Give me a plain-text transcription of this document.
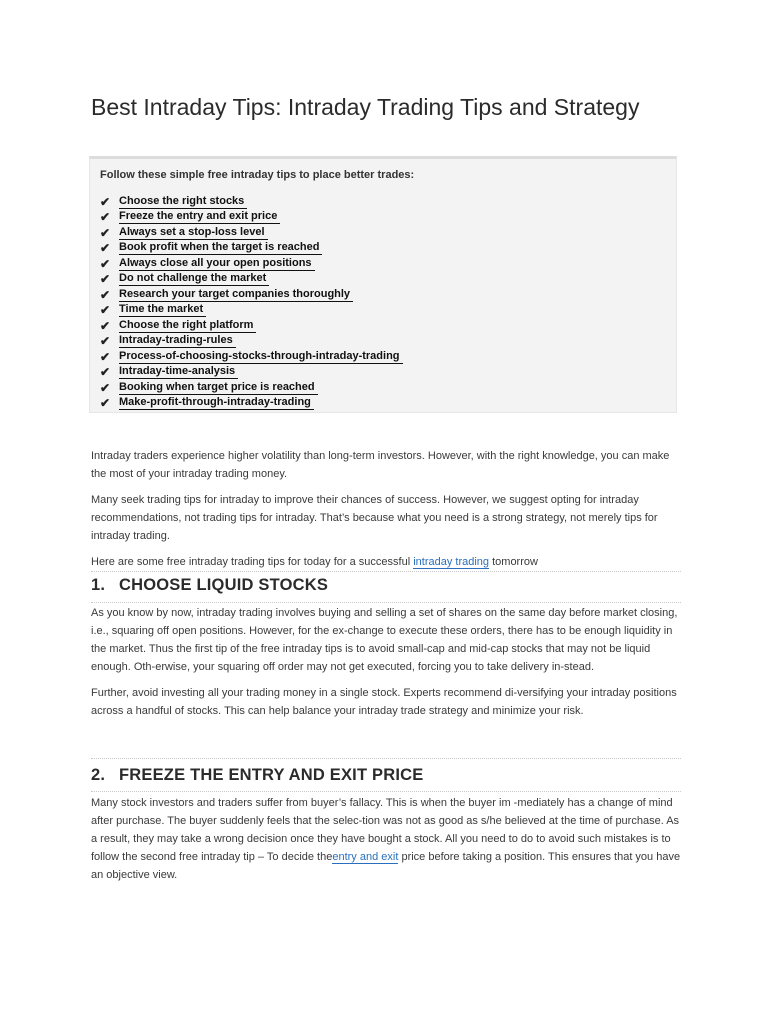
Best Intraday Tips: Intraday Trading Tips and Strategy

Follow these simple free intraday tips to place better trades:

✔ Choose the right stocks
✔ Freeze the entry and exit price
✔ Always set a stop-loss level
✔ Book profit when the target is reached
✔ Always close all your open positions
✔ Do not challenge the market
✔ Research your target companies thoroughly
✔ Time the market
✔ Choose the right platform
✔ Intraday-trading-rules
✔ Process-of-choosing-stocks-through-intraday-trading
✔ Intraday-time-analysis
✔ Booking when target price is reached
✔ Make-profit-through-intraday-trading

Intraday traders experience higher volatility than long-term investors. However, with the right knowledge, you can make the most of your intraday trading money.

Many seek trading tips for intraday to improve their chances of success. However, we suggest opting for intraday recommendations, not trading tips for intraday. That’s because what you need is a strong strategy, not merely tips for intraday trading.

Here are some free intraday trading tips for today for a successful intraday trading tomorrow

1. CHOOSE LIQUID STOCKS

As you know by now, intraday trading involves buying and selling a set of shares on the same day before market closing, i.e., squaring off open positions. However, for the ex-change to execute these orders, there has to be enough liquidity in the market. Thus the first tip of the free intraday tips is to avoid small-cap and mid-cap stocks that may not be liquid enough. Oth-erwise, your squaring off order may not get executed, forcing you to take delivery in-stead.

Further, avoid investing all your trading money in a single stock. Experts recommend di-versifying your intraday positions across a handful of stocks. This can help balance your intraday trade strategy and minimize your risk.

2. FREEZE THE ENTRY AND EXIT PRICE

Many stock investors and traders suffer from buyer’s fallacy. This is when the buyer im -mediately has a change of mind after purchase. The buyer suddenly feels that the selec-tion was not as good as s/he believed at the time of purchase. As a result, they may take a wrong decision once they have bought a stock. All you need to do to avoid such mistakes is to follow the second free intraday tip – To decide theentry and exit price before taking a position. This ensures that you have an objective view.
